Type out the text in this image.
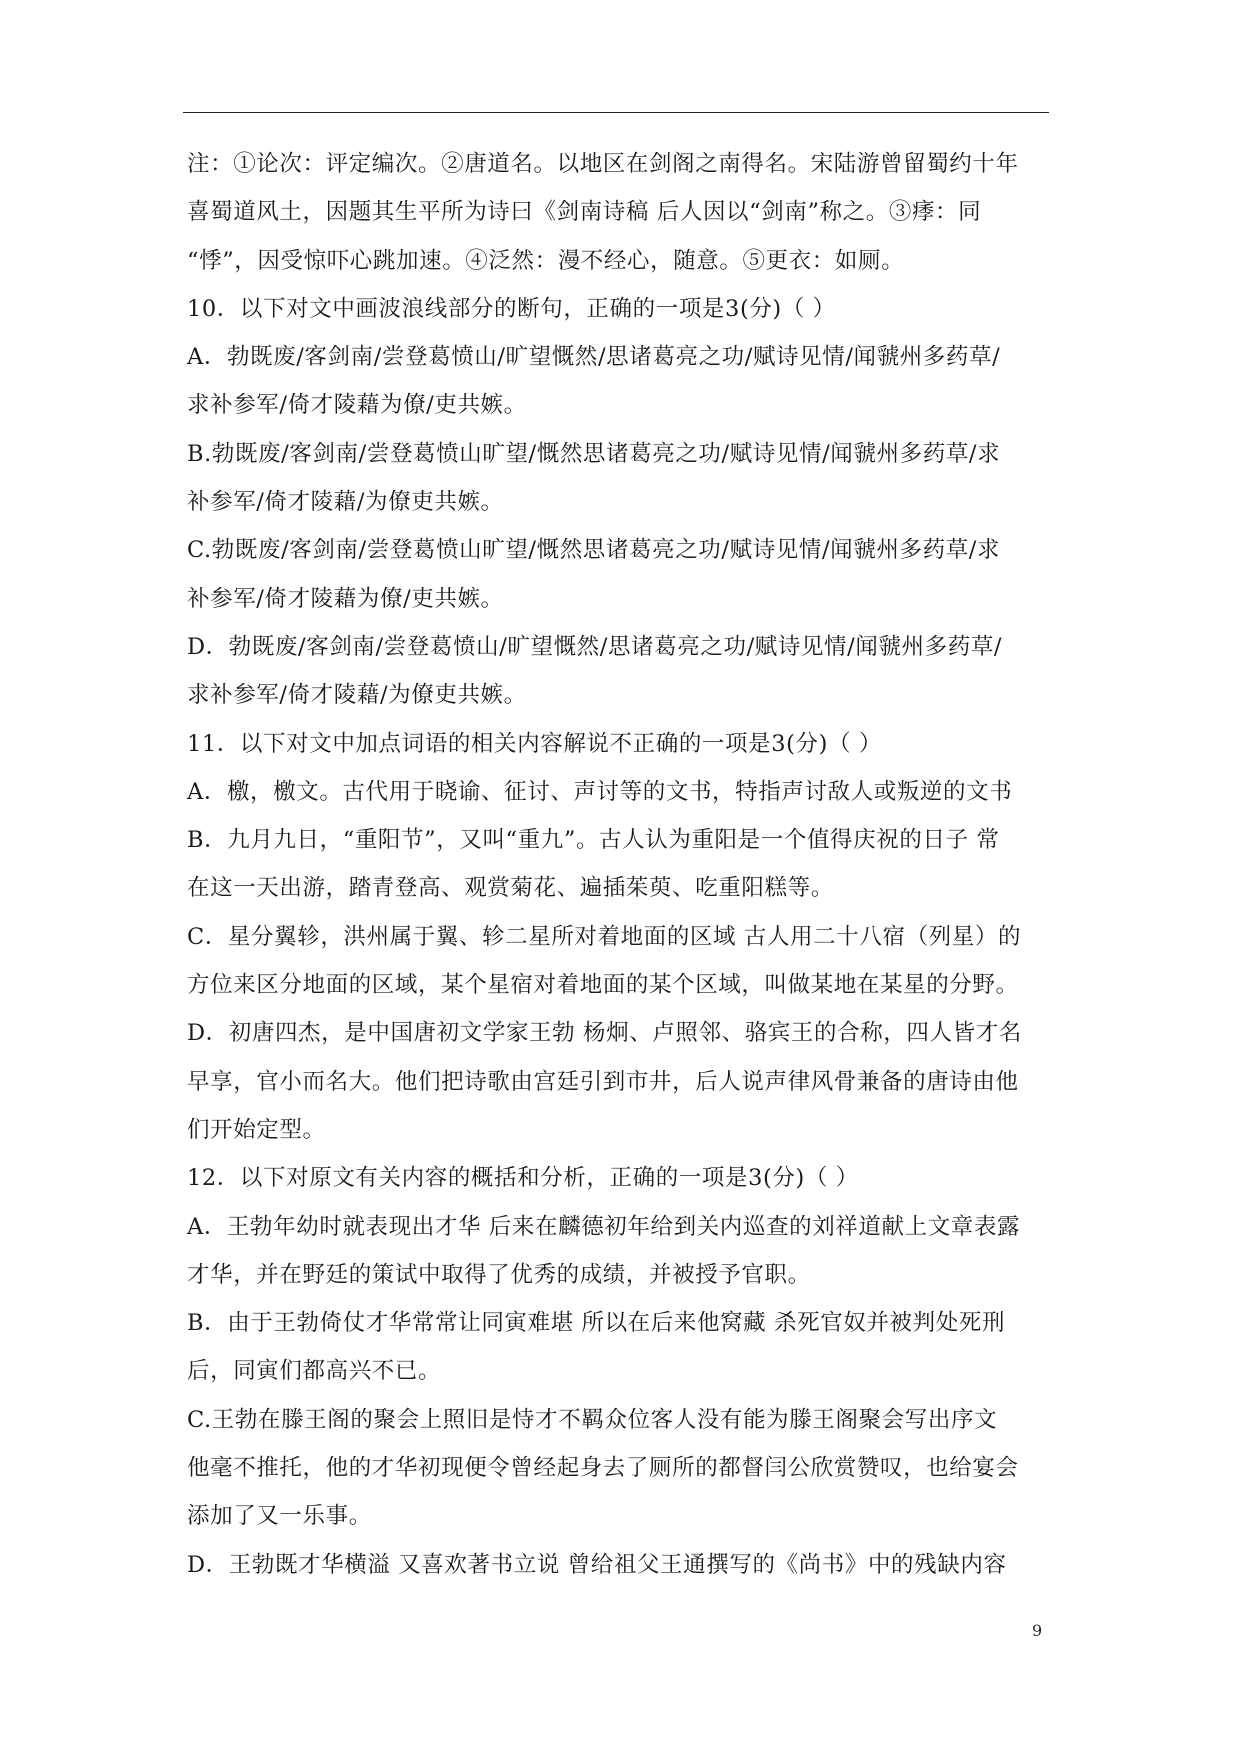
注：①论次：评定编次。②唐道名。以地区在剑阁之南得名。宋陆游曾留蜀约十年
喜蜀道风土，因题其生平所为诗曰《剑南诗稿 后人因以“剑南”称之。③痵：同
“悸”，因受惊吓心跳加速。④泛然：漫不经心，随意。⑤更衣：如厕。
10．以下对文中画波浪线部分的断句，正确的一项是3(分)（ ）
A．勃既废/客剑南/尝登葛愤山/旷望慨然/思诸葛亮之功/赋诗见情/闻虢州多药草/
求补参军/倚才陵藉为僚/吏共嫉。
B.勃既废/客剑南/尝登葛愤山旷望/慨然思诸葛亮之功/赋诗见情/闻虢州多药草/求
补参军/倚才陵藉/为僚吏共嫉。
C.勃既废/客剑南/尝登葛愤山旷望/慨然思诸葛亮之功/赋诗见情/闻虢州多药草/求
补参军/倚才陵藉为僚/吏共嫉。
D．勃既废/客剑南/尝登葛愤山/旷望慨然/思诸葛亮之功/赋诗见情/闻虢州多药草/
求补参军/倚才陵藉/为僚吏共嫉。
11．以下对文中加点词语的相关内容解说不正确的一项是3(分)（ ）
A．檄，檄文。古代用于晓谕、征讨、声讨等的文书，特指声讨敌人或叛逆的文书
B．九月九日，“重阳节”，又叫“重九”。古人认为重阳是一个值得庆祝的日子 常
在这一天出游，踏青登高、观赏菊花、遍插茱萸、吃重阳糕等。
C．星分翼轸，洪州属于翼、轸二星所对着地面的区域 古人用二十八宿（列星）的
方位来区分地面的区域，某个星宿对着地面的某个区域，叫做某地在某星的分野。
D．初唐四杰，是中国唐初文学家王勃 杨炯、卢照邻、骆宾王的合称，四人皆才名
早享，官小而名大。他们把诗歌由宫廷引到市井，后人说声律风骨兼备的唐诗由他
们开始定型。
12．以下对原文有关内容的概括和分析，正确的一项是3(分)（ ）
A．王勃年幼时就表现出才华 后来在麟德初年给到关内巡查的刘祥道献上文章表露
才华，并在野廷的策试中取得了优秀的成绩，并被授予官职。
B．由于王勃倚仗才华常常让同寅难堪 所以在后来他窝藏 杀死官奴并被判处死刑
后，同寅们都高兴不已。
C.王勃在滕王阁的聚会上照旧是恃才不羁众位客人没有能为滕王阁聚会写出序文
他毫不推托，他的才华初现便令曾经起身去了厕所的都督闫公欣赏赞叹，也给宴会
添加了又一乐事。
D．王勃既才华横溢 又喜欢著书立说 曾给祖父王通撰写的《尚书》中的残缺内容
9
